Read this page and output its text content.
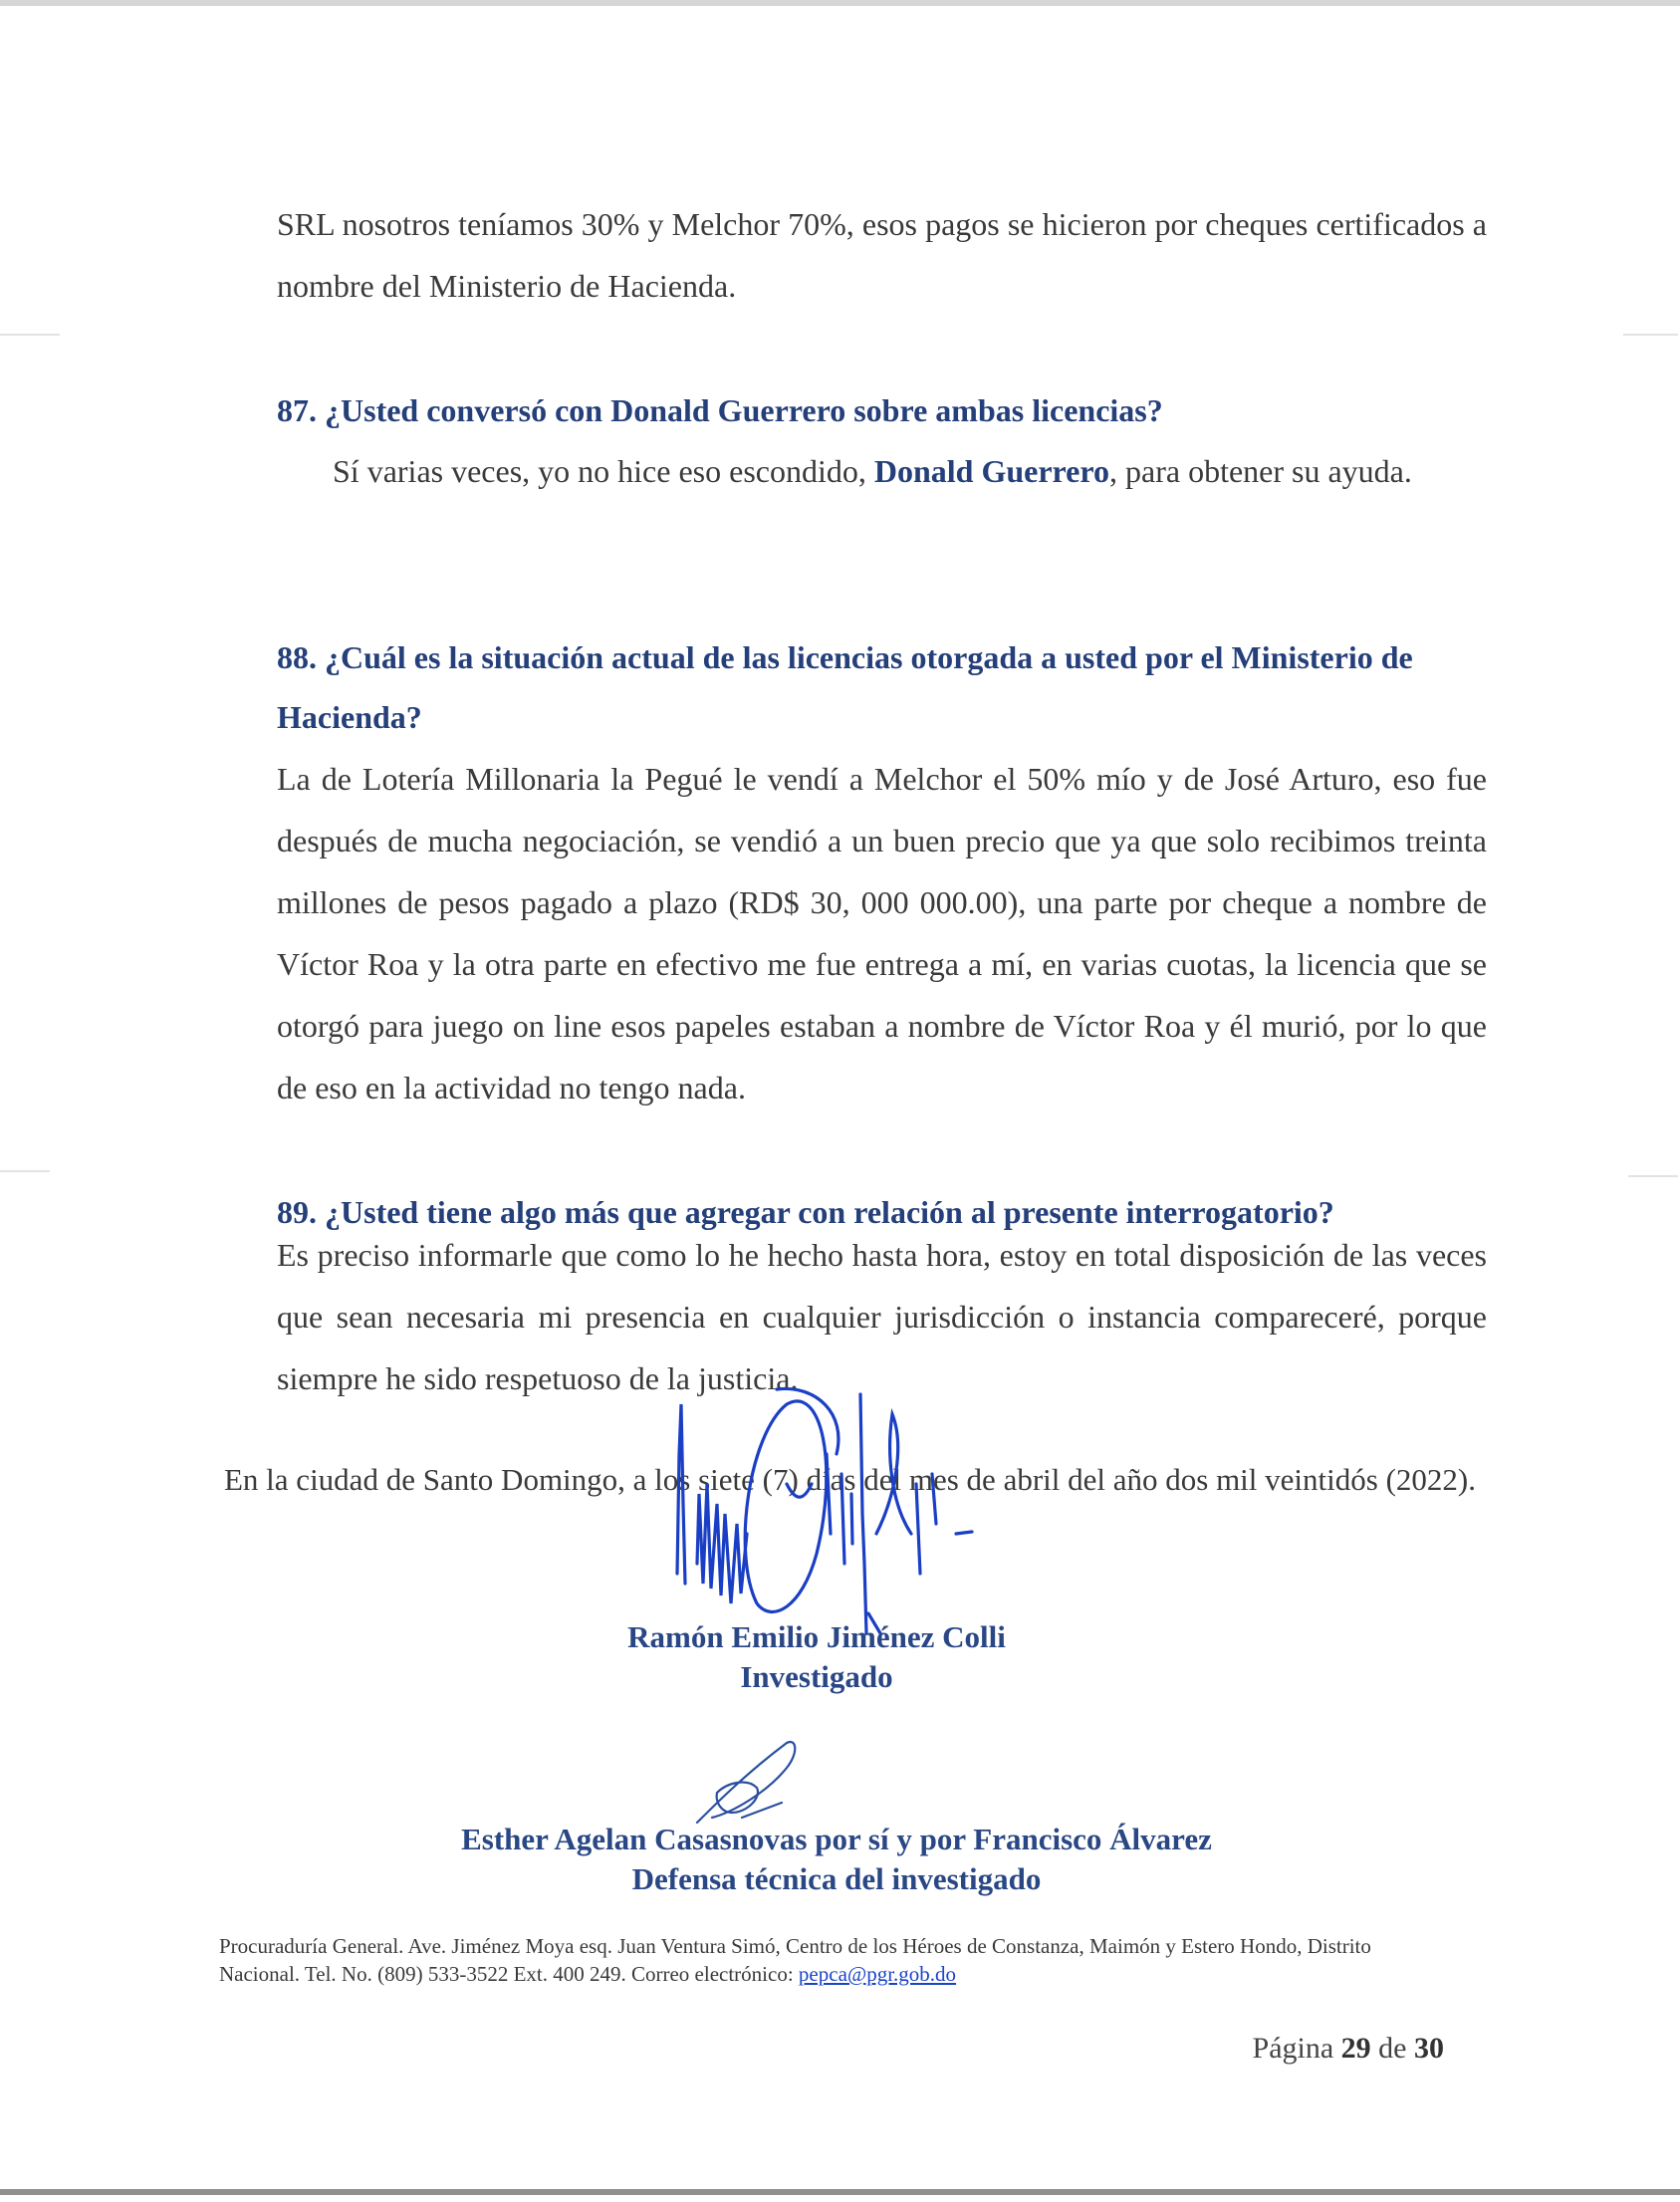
SRL nosotros teníamos 30% y Melchor 70%, esos pagos se hicieron por cheques certificados a nombre del Ministerio de Hacienda.
87. ¿Usted conversó con Donald Guerrero sobre ambas licencias?
Sí varias veces, yo no hice eso escondido, Donald Guerrero, para obtener su ayuda.
88. ¿Cuál es la situación actual de las licencias otorgada a usted por el Ministerio de Hacienda?
La de Lotería Millonaria la Pegué le vendí a Melchor el 50% mío y de José Arturo, eso fue después de mucha negociación, se vendió a un buen precio que ya que solo recibimos treinta millones de pesos pagado a plazo (RD$ 30, 000 000.00), una parte por cheque a nombre de Víctor Roa y la otra parte en efectivo me fue entrega a mí, en varias cuotas, la licencia que se otorgó para juego on line esos papeles estaban a nombre de Víctor Roa y él murió, por lo que de eso en la actividad no tengo nada.
89. ¿Usted tiene algo más que agregar con relación al presente interrogatorio?
Es preciso informarle que como lo he hecho hasta hora, estoy en total disposición de las veces que sean necesaria mi presencia en cualquier jurisdicción o instancia compareceré, porque siempre he sido respetuoso de la justicia.
En la ciudad de Santo Domingo, a los siete (7) días del mes de abril del año dos mil veintidós (2022).
Ramón Emilio Jiménez Colli
Investigado
Esther Agelan Casasnovas por sí y por Francisco Álvarez
Defensa técnica del investigado
Procuraduría General. Ave. Jiménez Moya esq. Juan Ventura Simó, Centro de los Héroes de Constanza, Maimón y Estero Hondo, Distrito Nacional. Tel. No. (809) 533-3522 Ext. 400 249. Correo electrónico: pepca@pgr.gob.do
Página 29 de 30
